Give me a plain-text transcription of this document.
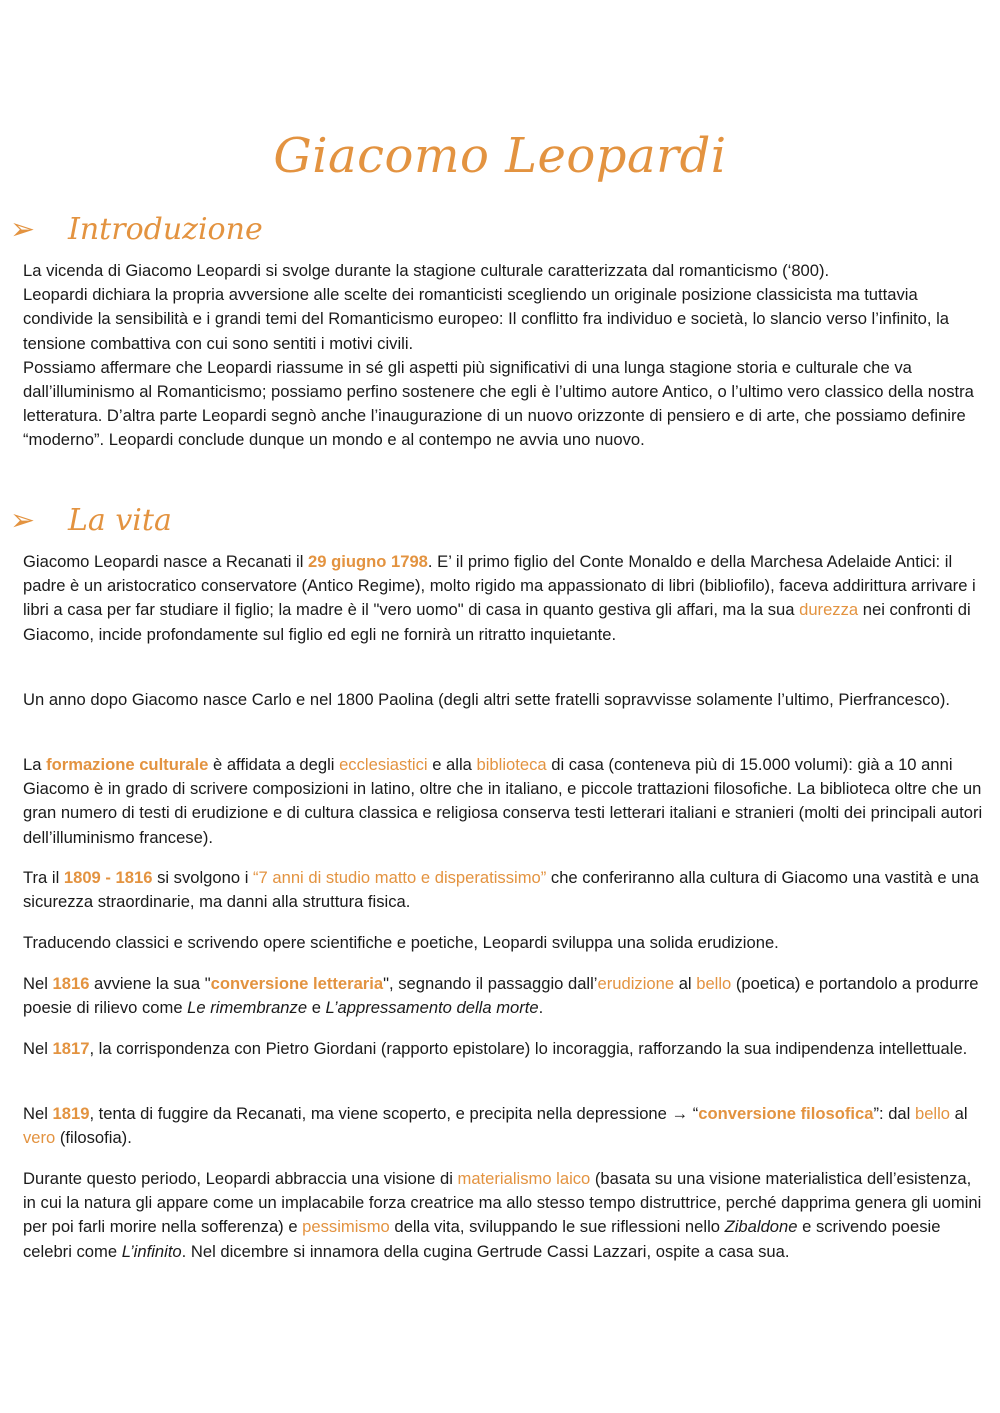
Giacomo Leopardi
➢	Introduzione

La vicenda di Giacomo Leopardi si svolge durante la stagione culturale caratterizzata dal romanticismo (‘800).
Leopardi dichiara la propria avversione alle scelte dei romanticisti scegliendo un originale posizione classicista ma tuttavia condivide la sensibilità e i grandi temi del Romanticismo europeo: Il conflitto fra individuo e società, lo slancio verso l’infinito, la tensione combattiva con cui sono sentiti i motivi civili.

Possiamo affermare che Leopardi riassume in sé gli aspetti più significativi di una lunga stagione storia e culturale che va dall’illuminismo al Romanticismo; possiamo perfino sostenere che egli è l’ultimo autore Antico, o l’ultimo vero classico della nostra letteratura. D’altra parte Leopardi segnò anche l’inaugurazione di un nuovo orizzonte di pensiero e di arte, che possiamo definire “moderno”. Leopardi conclude dunque un mondo e al contempo ne avvia uno nuovo.

➢	La vita

Giacomo Leopardi nasce a Recanati il 29 giugno 1798. E’ il primo figlio del Conte Monaldo e della Marchesa Adelaide Antici: il padre è un aristocratico conservatore (Antico Regime), molto rigido ma appassionato di libri (bibliofilo), faceva addirittura arrivare i libri a casa per far studiare il figlio; la madre è il "vero uomo" di casa in quanto gestiva gli affari, ma la sua durezza nei confronti di Giacomo, incide profondamente sul figlio ed egli ne fornirà un ritratto inquietante.

Un anno dopo Giacomo nasce Carlo e nel 1800 Paolina (degli altri sette fratelli sopravvisse solamente l’ultimo, Pierfrancesco).

La formazione culturale è affidata a degli ecclesiastici e alla biblioteca di casa (conteneva più di 15.000 volumi): già a 10 anni Giacomo è in grado di scrivere composizioni in latino, oltre che in italiano, e piccole trattazioni filosofiche. La biblioteca oltre che un gran numero di testi di erudizione e di cultura classica e religiosa conserva testi letterari italiani e stranieri (molti dei principali autori dell’illuminismo francese).

Tra il 1809 - 1816 si svolgono i “7 anni di studio matto e disperatissimo” che conferiranno alla cultura di Giacomo una vastità e una sicurezza straordinarie, ma danni alla struttura fisica.

Traducendo classici e scrivendo opere scientifiche e poetiche, Leopardi sviluppa una solida erudizione.

Nel 1816 avviene la sua "conversione letteraria", segnando il passaggio dall’erudizione al bello (poetica) e portandolo a produrre poesie di rilievo come Le rimembranze e L’appressamento della morte.

Nel 1817, la corrispondenza con Pietro Giordani (rapporto epistolare) lo incoraggia, rafforzando la sua indipendenza intellettuale.

Nel 1819, tenta di fuggire da Recanati, ma viene scoperto, e precipita nella depressione → “conversione filosofica”: dal bello al vero (filosofia).

Durante questo periodo, Leopardi abbraccia una visione di materialismo laico (basata su una visione materialistica dell’esistenza, in cui la natura gli appare come un implacabile forza creatrice ma allo stesso tempo distruttrice, perché dapprima genera gli uomini per poi farli morire nella sofferenza) e pessimismo della vita, sviluppando le sue riflessioni nello Zibaldone e scrivendo poesie celebri come L’infinito. Nel dicembre si innamora della cugina Gertrude Cassi Lazzari, ospite a casa sua.
